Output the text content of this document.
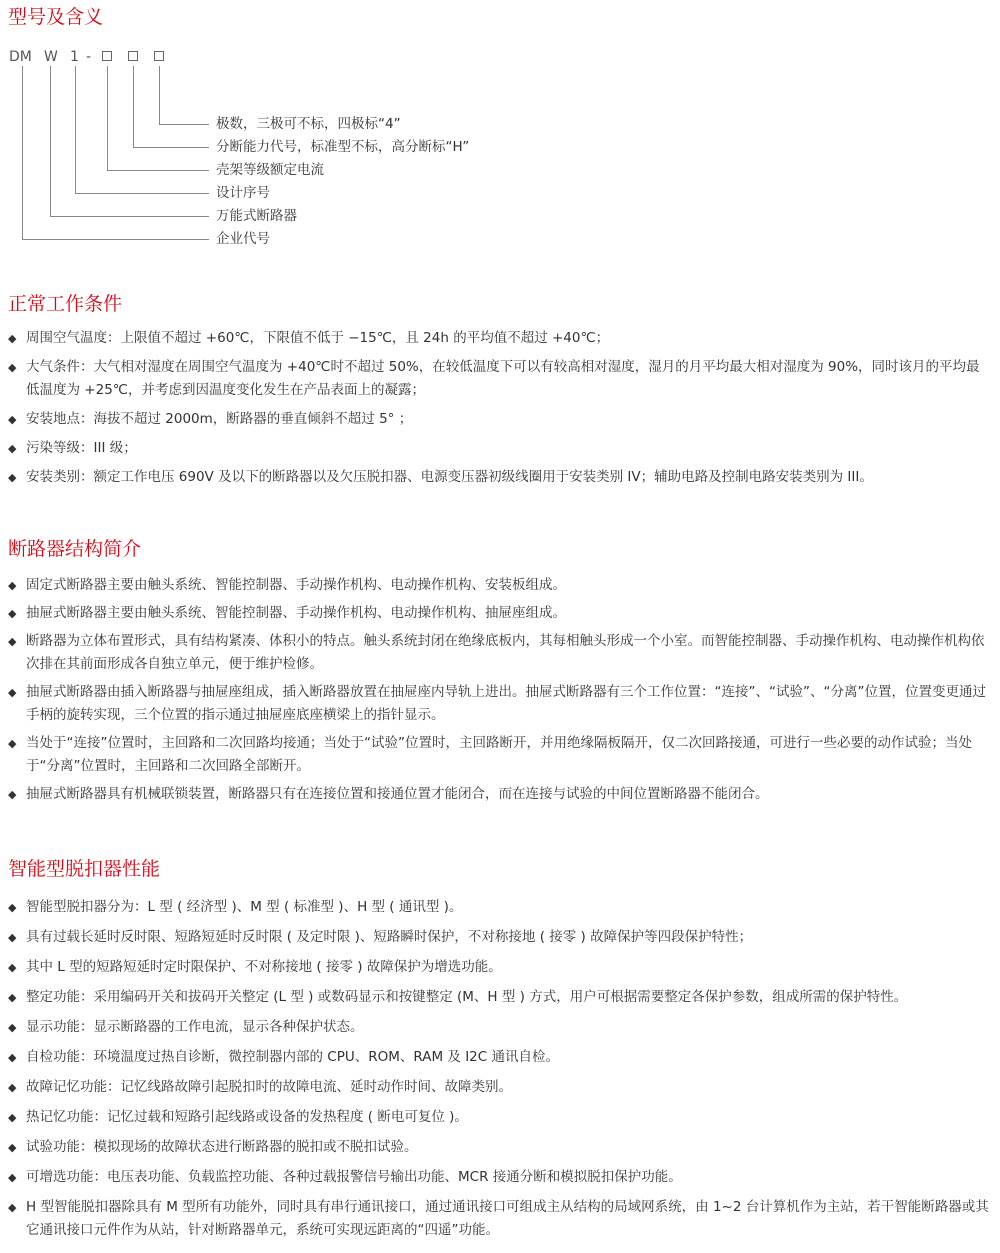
型号及含义
DM W 1 -
极数，三极可不标，四极标“4”
分断能力代号，标准型不标，高分断标“H”
壳架等级额定电流
设计序号
万能式断路器
企业代号
正常工作条件
◆ 周围空气温度：上限值不超过 +60℃，下限值不低于 −15℃，且 24h 的平均值不超过 +40℃；
◆ 大气条件：大气相对湿度在周围空气温度为 +40℃时不超过 50%，在较低温度下可以有较高相对湿度，湿月的月平均最大相对湿度为 90%，同时该月的平均最低温度为 +25℃，并考虑到因温度变化发生在产品表面上的凝露；
◆ 安装地点：海拔不超过 2000m，断路器的垂直倾斜不超过 5° ；
◆ 污染等级：III 级；
◆ 安装类别：额定工作电压 690V 及以下的断路器以及欠压脱扣器、电源变压器初级线圈用于安装类别 IV；辅助电路及控制电路安装类别为 III。
断路器结构简介
◆ 固定式断路器主要由触头系统、智能控制器、手动操作机构、电动操作机构、安装板组成。
◆ 抽屉式断路器主要由触头系统、智能控制器、手动操作机构、电动操作机构、抽屉座组成。
◆ 断路器为立体布置形式，具有结构紧凑、体积小的特点。触头系统封闭在绝缘底板内，其每相触头形成一个小室。而智能控制器、手动操作机构、电动操作机构依次排在其前面形成各自独立单元，便于维护检修。
◆ 抽屉式断路器由插入断路器与抽屉座组成，插入断路器放置在抽屉座内导轨上进出。抽屉式断路器有三个工作位置：“连接”、“试验”、“分离”位置，位置变更通过手柄的旋转实现，三个位置的指示通过抽屉座底座横梁上的指针显示。
◆ 当处于“连接”位置时，主回路和二次回路均接通；当处于“试验”位置时，主回路断开，并用绝缘隔板隔开，仅二次回路接通，可进行一些必要的动作试验；当处于“分离”位置时，主回路和二次回路全部断开。
◆ 抽屉式断路器具有机械联锁装置，断路器只有在连接位置和接通位置才能闭合，而在连接与试验的中间位置断路器不能闭合。
智能型脱扣器性能
◆ 智能型脱扣器分为：L 型 ( 经济型 )、M 型 ( 标准型 )、H 型 ( 通讯型 )。
◆ 具有过载长延时反时限、短路短延时反时限 ( 及定时限 )、短路瞬时保护，不对称接地 ( 接零 ) 故障保护等四段保护特性；
◆ 其中 L 型的短路短延时定时限保护、不对称接地 ( 接零 ) 故障保护为增选功能。
◆ 整定功能：采用编码开关和拔码开关整定 (L 型 ) 或数码显示和按键整定 (M、H 型 ) 方式，用户可根据需要整定各保护参数，组成所需的保护特性。
◆ 显示功能：显示断路器的工作电流，显示各种保护状态。
◆ 自检功能：环境温度过热自诊断，微控制器内部的 CPU、ROM、RAM 及 I2C 通讯自检。
◆ 故障记忆功能：记忆线路故障引起脱扣时的故障电流、延时动作时间、故障类别。
◆ 热记忆功能：记忆过载和短路引起线路或设备的发热程度 ( 断电可复位 )。
◆ 试验功能：模拟现场的故障状态进行断路器的脱扣或不脱扣试验。
◆ 可增选功能：电压表功能、负载监控功能、各种过载报警信号输出功能、MCR 接通分断和模拟脱扣保护功能。
◆ H 型智能脱扣器除具有 M 型所有功能外，同时具有串行通讯接口，通过通讯接口可组成主从结构的局域网系统，由 1~2 台计算机作为主站，若干智能断路器或其它通讯接口元件作为从站，针对断路器单元，系统可实现远距离的“四遥”功能。
